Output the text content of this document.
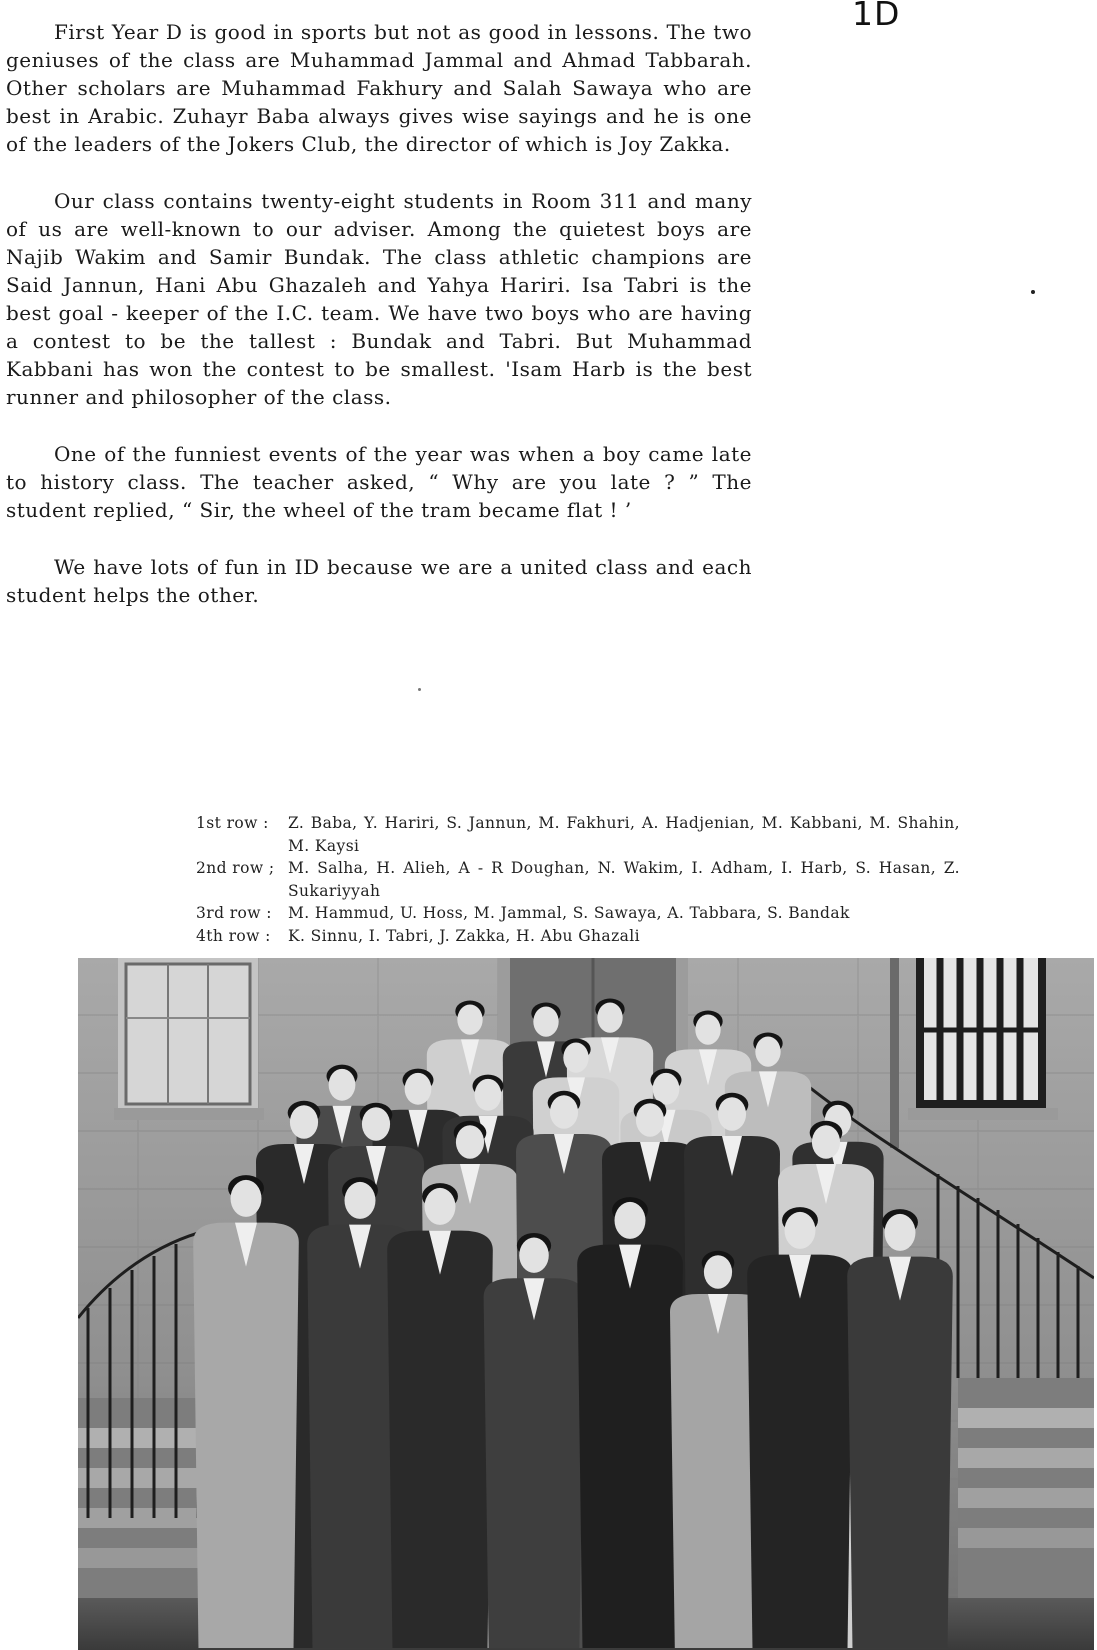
1D

First Year D is good in sports but not as good in lessons. The two geniuses of the class are Muhammad Jammal and Ahmad Tabbarah. Other scholars are Muhammad Fakhury and Salah Sawaya who are best in Arabic. Zuhayr Baba always gives wise sayings and he is one of the leaders of the Jokers Club, the director of which is Joy Zakka.

Our class contains twenty-eight students in Room 311 and many of us are well-known to our adviser. Among the quietest boys are Najib Wakim and Samir Bundak. The class athletic champions are Said Jannun, Hani Abu Ghazaleh and Yahya Hariri. Isa Tabri is the best goal - keeper of the I.C. team. We have two boys who are having a contest to be the tallest : Bundak and Tabri. But Muhammad Kabbani has won the contest to be smallest. 'Isam Harb is the best runner and philosopher of the class.

One of the funniest events of the year was when a boy came late to history class. The teacher asked, “ Why are you late ? ” The student replied, “ Sir, the wheel of the tram became flat ! ’

We have lots of fun in ID because we are a united class and each student helps the other.

1st row :	Z. Baba, Y. Hariri, S. Jannun, M. Fakhuri, A. Hadjenian, M. Kabbani, M. Shahin, M. Kaysi
2nd row ; M. Salha, H. Alieh, A - R Doughan, N. Wakim, I. Adham, I. Harb, S. Hasan, Z. Sukariyyah
3rd row :	M. Hammud, U. Hoss, M. Jammal, S. Sawaya, A. Tabbara, S. Bandak
4th row :	K. Sinnu, I. Tabri, J. Zakka, H. Abu Ghazali
